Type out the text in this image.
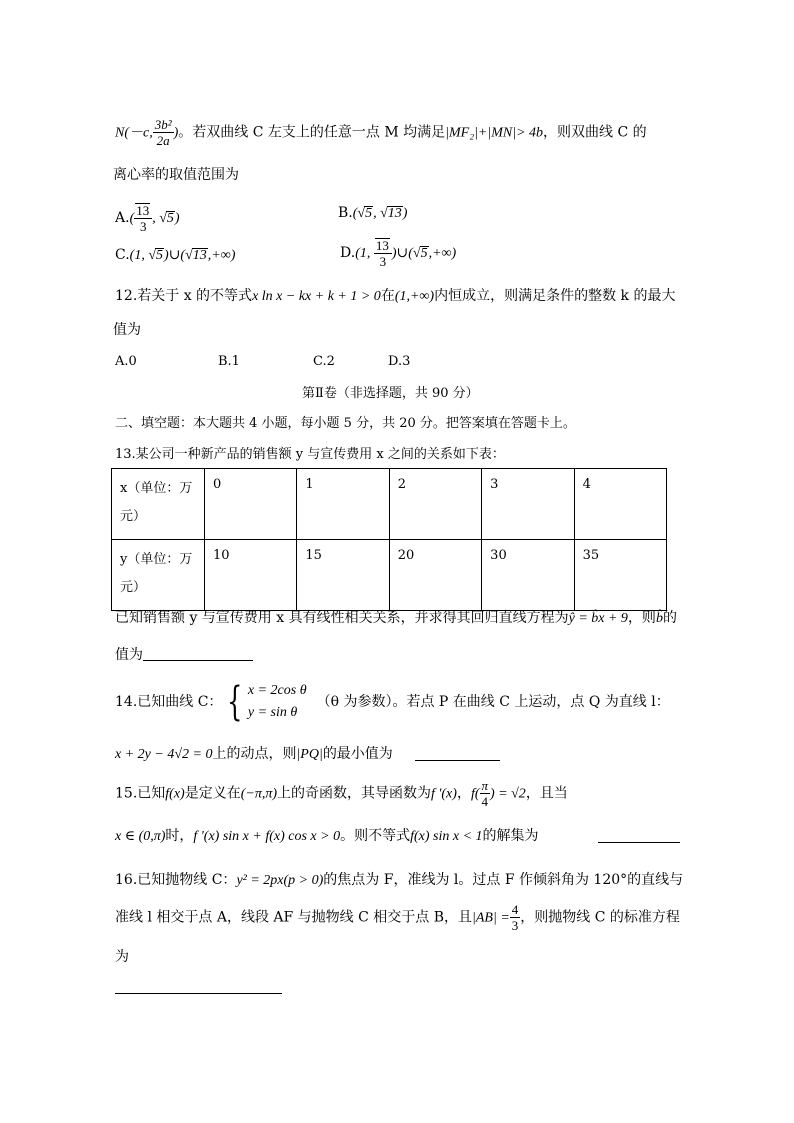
N(－c, $\frac{\text{3b²}}{2a}$ )。若双曲线 C 左支上的任意一点 M 均满足|MF₂|+|MN|> 4b，则双曲线 C 的
离心率的取值范围为
$A.( \frac{13}{3}$ , √5)	B.(√5, √13)
C.(1, √5)∪(√13,+∞)	D.(1, $\frac{13}{3}$ )∪(√5,+∞)
12.若关于 x 的不等式x ln x − kx + k + 1 > 0在(1,+∞)内恒成立，则满足条件的整数 k 的最大
值为
A.0	B.1	C.2	D.3
第Ⅱ卷（非选择题，共 90 分）
二、填空题：本大题共 4 小题，每小题 5 分，共 20 分。把答案填在答题卡上。
13.某公司一种新产品的销售额 y 与宣传费用 x 之间的关系如下表：
x（单位：万
元）	0	1	2	3	4
y（单位：万
元）	10	15	20	30	35
已知销售额 y 与宣传费用 x 具有线性相关关系，并求得其回归直线方程为ŷ = b̂x + 9，则b̂的
值为
14.已知曲线 C： { x = 2cos θ
y = sin θ（θ 为参数）。若点 P 在曲线 C 上运动，点 Q 为直线 l：
x + 2y − 4√2 = 0上的动点，则|PQ|的最小值为
15.已知f(x)是定义在(−π,π)上的奇函数，其导函数为f '(x)，$f( \frac{\pi}{4}$ ) = √2，且当
x ∈ (0,π)时，f '(x) sin x + f(x) cos x > 0。则不等式f(x) sin x < 1的解集为
16.已知抛物线 C：y² = 2px(p > 0)的焦点为 F，准线为 l。过点 F 作倾斜角为 120°的直线与
准线 l 相交于点 A，线段 AF 与抛物线 C 相交于点 B，且$|AB| = \frac{4}{3}$ ，则抛物线 C 的标准方程
为
